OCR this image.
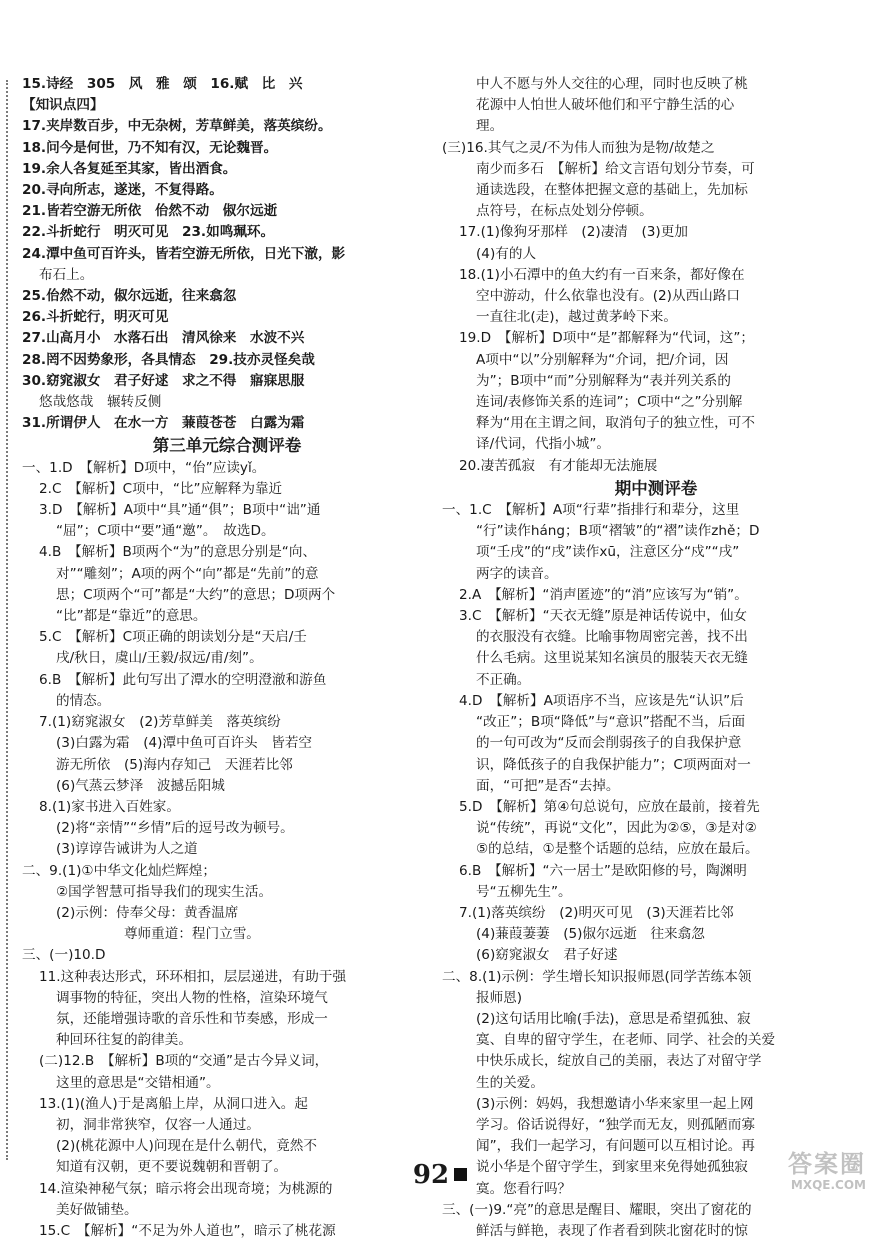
15.诗经　305　风　雅　颂　16.赋　比　兴

【知识点四】

17.夹岸数百步，中无杂树，芳草鲜美，落英缤纷。

18.问今是何世，乃不知有汉，无论魏晋。

19.余人各复延至其家，皆出酒食。

20.寻向所志，遂迷，不复得路。

21.皆若空游无所依　佁然不动　俶尔远逝

22.斗折蛇行　明灭可见　23.如鸣珮环。

24.潭中鱼可百许头，皆若空游无所依，日光下澈，影

布石上。

25.佁然不动，俶尔远逝，往来翕忽

26.斗折蛇行，明灭可见

27.山高月小　水落石出　清风徐来　水波不兴

28.罔不因势象形，各具情态　29.技亦灵怪矣哉

30.窈窕淑女　君子好逑　求之不得　寤寐思服

悠哉悠哉　辗转反侧

31.所谓伊人　在水一方　蒹葭苍苍　白露为霜

第三单元综合测评卷

一、1.D　【解析】D项中，“佁”应读yǐ。

2.C　【解析】C项中，“比”应解释为靠近

3.D　【解析】A项中“具”通“俱”；B项中“诎”通

“屈”；C项中“要”通“邀”。　故选D。

4.B　【解析】B项两个“为”的意思分别是“向、

对”“雕刻”；A项的两个“向”都是“先前”的意

思；C项两个“可”都是“大约”的意思；D项两个

“比”都是“靠近”的意思。

5.C　【解析】C项正确的朗读划分是“天启/壬

戌/秋日，虞山/王毅/叔远/甫/刻”。

6.B　【解析】此句写出了潭水的空明澄澈和游鱼

的情态。

7.(1)窈窕淑女　(2)芳草鲜美　落英缤纷

(3)白露为霜　(4)潭中鱼可百许头　皆若空

游无所依　(5)海内存知己　天涯若比邻

(6)气蒸云梦泽　波撼岳阳城

8.(1)家书进入百姓家。

(2)将“亲情”“乡情”后的逗号改为顿号。

(3)谆谆告诫讲为人之道

二、9.(1)①中华文化灿烂辉煌；

②国学智慧可指导我们的现实生活。

(2)示例：侍奉父母：黄香温席

　　　　　尊师重道：程门立雪。

三、(一)10.D

11.这种表达形式，环环相扣，层层递进，有助于强

调事物的特征，突出人物的性格，渲染环境气

氛，还能增强诗歌的音乐性和节奏感，形成一

种回环往复的韵律美。

(二)12.B　【解析】B项的“交通”是古今异义词，

这里的意思是“交错相通”。

13.(1)(渔人)于是离船上岸，从洞口进入。起

初，洞非常狭窄，仅容一人通过。

(2)(桃花源中人)问现在是什么朝代，竟然不

知道有汉朝，更不要说魏朝和晋朝了。

14.渲染神秘气氛；暗示将会出现奇境；为桃源的

美好做铺垫。

15.C　【解析】“不足为外人道也”，暗示了桃花源

中人不愿与外人交往的心理，同时也反映了桃

花源中人怕世人破坏他们和平宁静生活的心

理。

(三)16.其气之灵/不为伟人而独为是物/故楚之

南少而多石　【解析】给文言语句划分节奏，可

通读选段，在整体把握文意的基础上，先加标

点符号，在标点处划分停顿。

17.(1)像狗牙那样　(2)凄清　(3)更加

(4)有的人

18.(1)小石潭中的鱼大约有一百来条，都好像在

空中游动，什么依靠也没有。(2)从西山路口

一直往北(走)，越过黄茅岭下来。

19.D　【解析】D项中“是”都解释为“代词，这”；

A项中“以”分别解释为“介词，把/介词，因

为”；B项中“而”分别解释为“表并列关系的

连词/表修饰关系的连词”；C项中“之”分别解

释为“用在主谓之间，取消句子的独立性，可不

译/代词，代指小城”。

20.凄苦孤寂　有才能却无法施展

期中测评卷

一、1.C　【解析】A项“行辈”指排行和辈分，这里

“行”读作háng；B项“褶皱”的“褶”读作zhě；D

项“壬戌”的“戌”读作xū，注意区分“戍”“戌”

两字的读音。

2.A　【解析】“消声匿迹”的“消”应该写为“销”。

3.C　【解析】“天衣无缝”原是神话传说中，仙女

的衣服没有衣缝。比喻事物周密完善，找不出

什么毛病。这里说某知名演员的服装天衣无缝

不正确。

4.D　【解析】A项语序不当，应该是先“认识”后

“改正”；B项“降低”与“意识”搭配不当，后面

的一句可改为“反而会削弱孩子的自我保护意

识，降低孩子的自我保护能力”；C项两面对一

面，“可把”是否“去掉。

5.D　【解析】第④句总说句，应放在最前，接着先

说“传统”，再说“文化”，因此为②⑤，③是对②

⑤的总结，①是整个话题的总结，应放在最后。

6.B　【解析】“六一居士”是欧阳修的号，陶渊明

号“五柳先生”。

7.(1)落英缤纷　(2)明灭可见　(3)天涯若比邻

(4)蒹葭萋萋　(5)俶尔远逝　往来翕忽

(6)窈窕淑女　君子好逑

二、8.(1)示例：学生增长知识报师恩(同学苦练本领

报师恩)

(2)这句话用比喻(手法)，意思是希望孤独、寂

寞、自卑的留守学生，在老师、同学、社会的关爱

中快乐成长，绽放自己的美丽，表达了对留守学

生的关爱。

(3)示例：妈妈，我想邀请小华来家里一起上网

学习。俗话说得好，“独学而无友，则孤陋而寡

闻”，我们一起学习，有问题可以互相讨论。再

说小华是个留守学生，到家里来免得她孤独寂

寞。您看行吗？

三、(一)9.“亮”的意思是醒目、耀眼，突出了窗花的

鲜活与鲜艳，表现了作者看到陕北窗花时的惊

92	答案圈
MXQE.COM
